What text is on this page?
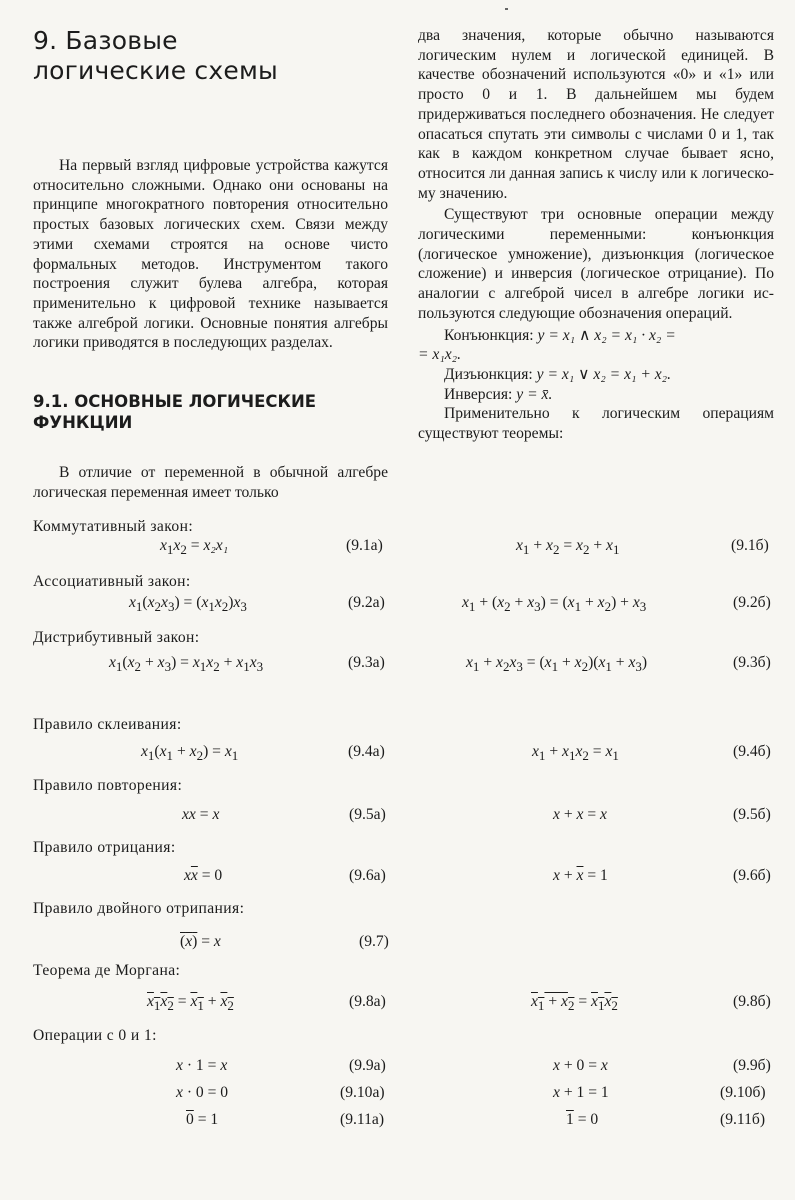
9. Базовые
логические схемы

На первый взгляд цифровые устройства кажутся относительно сложными. Однако они основаны на принципе многократного повторения относительно простых базовых логических схем. Связи между этими схемами строятся на основе чисто формальных методов. Инструментом такого построения служит булева алгебра, которая применительно к цифровой технике называется также алгеброй логики. Основные понятия алгебры логики приводятся в последующих разделах.

9.1. ОСНОВНЫЕ ЛОГИЧЕСКИЕ
ФУНКЦИИ

В отличие от переменной в обычной алгебре логическая переменная имеет только

два значения, которые обычно называются логическим нулем и логической единицей. В качестве обозначений используются «0» и «1» или просто 0 и 1. В дальнейшем мы будем придерживаться последнего обозначения. Не следует опасаться спутать эти символы с числами 0 и 1, так как в каждом конкретном случае бывает ясно, относится ли данная запись к числу или к логическому значению.

Существуют три основные операции между логическими переменными: конъюнкция (логическое умножение), дизъюнкция (логическое сложение) и инверсия (логическое отрицание). По аналогии с алгеброй чисел в алгебре логики используются следующие обозначения операций.

Конъюнкция: y = x₁ ∧ x₂ = x₁ · x₂ =

= x₁x₂.

Дизъюнкция: y = x₁ ∨ x₂ = x₁ + x₂.

Инверсия: y = x̄.

Применительно к логическим операциям существуют теоремы:

Коммутативный закон:
$x_1x_2 = x_2x_1$	(9.1а)	$x_1 + x_2 = x_2 + x_1$	(9.1б)
Ассоциативный закон:
$x_1(x_2x_3) = (x_1x_2)x_3$	(9.2а)	$x_1 + (x_2 + x_3) = (x_1 + x_2) + x_3$	(9.2б)
Дистрибутивный закон:
$x_1(x_2 + x_3) = x_1x_2 + x_1x_3$	(9.3а)	$x_1 + x_2x_3 = (x_1 + x_2)(x_1 + x_3)$	(9.3б)
Правило склеивания:
$x_1(x_1 + x_2) = x_1$	(9.4а)	$x_1 + x_1x_2 = x_1$	(9.4б)
Правило повторения:
xx = x	(9.5а)	x + x = x	(9.5б)
Правило отрицания:
$x\overline{x} = 0$	(9.6а)	$x + \overline{x} = 1$	(9.6б)
Правило двойного отрипания:
(x) = x	(9.7)
Теорема де Моргана:
$x_1x_2 = x_1 + x_2$	(9.8а)	$x_1 + x_2 = x_1x_2$	(9.8б)
Операции с 0 и 1:
x · 1 = x	(9.9а)	x + 0 = x	(9.9б)
x · 0 = 0	(9.10а)	x + 1 = 1	(9.10б)
0 = 1	(9.11а)	1 = 0	(9.11б)
